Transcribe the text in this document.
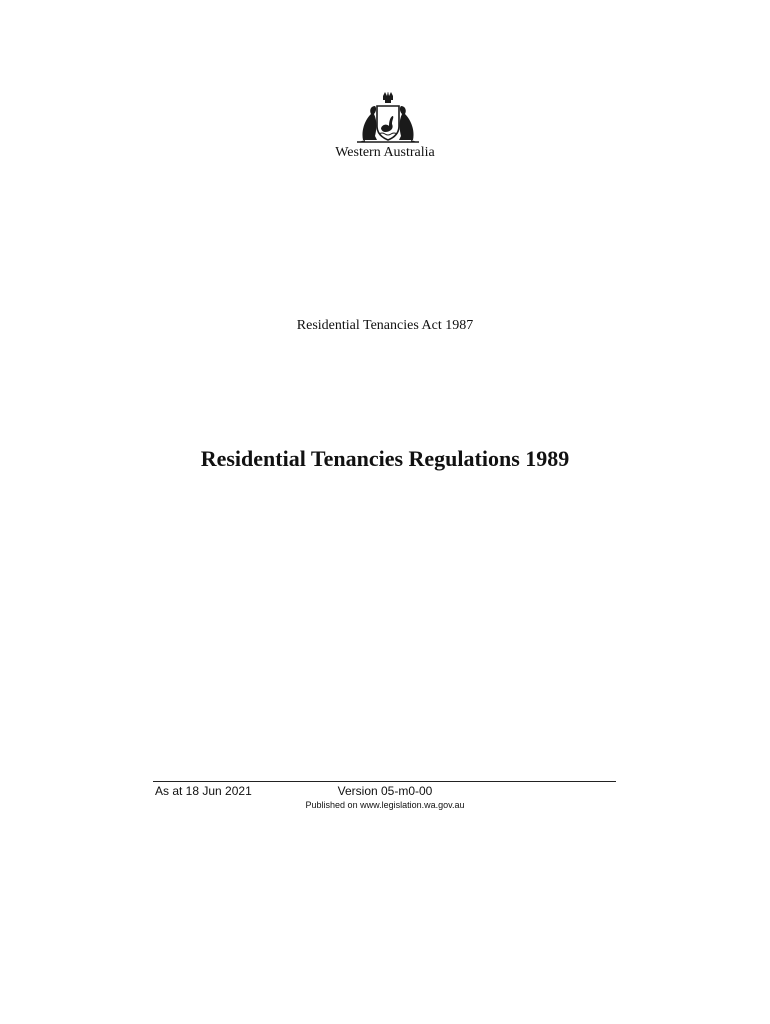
Western Australia
Residential Tenancies Act 1987
Residential Tenancies Regulations 1989
As at 18 Jun 2021	Version 05-m0-00
Published on www.legislation.wa.gov.au
